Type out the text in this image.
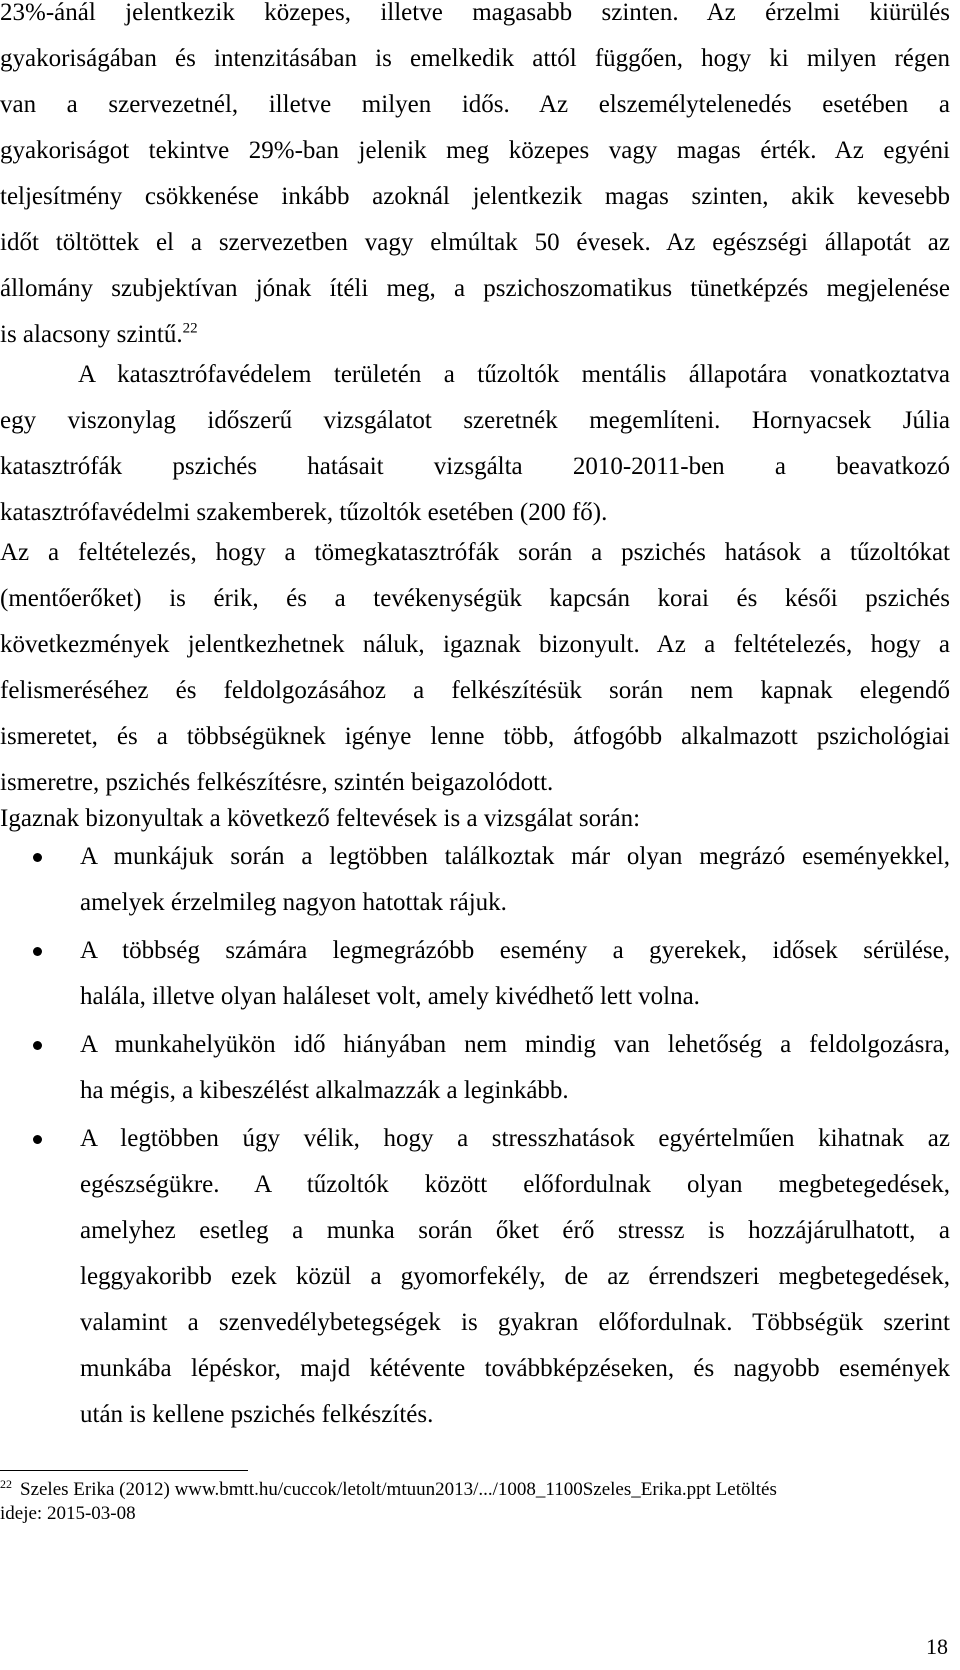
23%-ánál jelentkezik közepes, illetve magasabb szinten. Az érzelmi kiürülés
gyakoriságában és intenzitásában is emelkedik attól függően, hogy ki milyen régen
van a szervezetnél, illetve milyen idős. Az elszemélytelenedés esetében a
gyakoriságot tekintve 29%-ban jelenik meg közepes vagy magas érték. Az egyéni
teljesítmény csökkenése inkább azoknál jelentkezik magas szinten, akik kevesebb
időt töltöttek el a szervezetben vagy elmúltak 50 évesek. Az egészségi állapotát az
állomány szubjektívan jónak ítéli meg, a pszichoszomatikus tünetképzés megjelenése
is alacsony szintű.$^{22}$
A katasztrófavédelem területén a tűzoltók mentális állapotára vonatkoztatva
egy viszonylag időszerű vizsgálatot szeretnék megemlíteni. Hornyacsek Júlia
katasztrófák pszichés hatásait vizsgálta 2010-2011-ben a beavatkozó
katasztrófavédelmi szakemberek, tűzoltók esetében (200 fő).
Az a feltételezés, hogy a tömegkatasztrófák során a pszichés hatások a tűzoltókat
(mentőerőket) is érik, és a tevékenységük kapcsán korai és késői pszichés
következmények jelentkezhetnek náluk, igaznak bizonyult. Az a feltételezés, hogy a
felismeréséhez és feldolgozásához a felkészítésük során nem kapnak elegendő
ismeretet, és a többségüknek igénye lenne több, átfogóbb alkalmazott pszichológiai
ismeretre, pszichés felkészítésre, szintén beigazolódott.
Igaznak bizonyultak a következő feltevések is a vizsgálat során:
A munkájuk során a legtöbben találkoztak már olyan megrázó eseményekkel,
amelyek érzelmileg nagyon hatottak rájuk.
A többség számára legmegrázóbb esemény a gyerekek, idősek sérülése,
halála, illetve olyan haláleset volt, amely kivédhető lett volna.
A munkahelyükön idő hiányában nem mindig van lehetőség a feldolgozásra,
ha mégis, a kibeszélést alkalmazzák a leginkább.
A legtöbben úgy vélik, hogy a stresszhatások egyértelműen kihatnak az
egészségükre. A tűzoltók között előfordulnak olyan megbetegedések,
amelyhez esetleg a munka során őket érő stressz is hozzájárulhatott, a
leggyakoribb ezek közül a gyomorfekély, de az érrendszeri megbetegedések,
valamint a szenvedélybetegségek is gyakran előfordulnak. Többségük szerint
munkába lépéskor, majd kétévente továbbképzéseken, és nagyobb események
után is kellene pszichés felkészítés.
$^{22}$ Szeles Erika (2012) www.bmtt.hu/cuccok/letolt/mtuun2013/.../1008_1100Szeles_Erika.ppt Letöltés
ideje: 2015-03-08
18
